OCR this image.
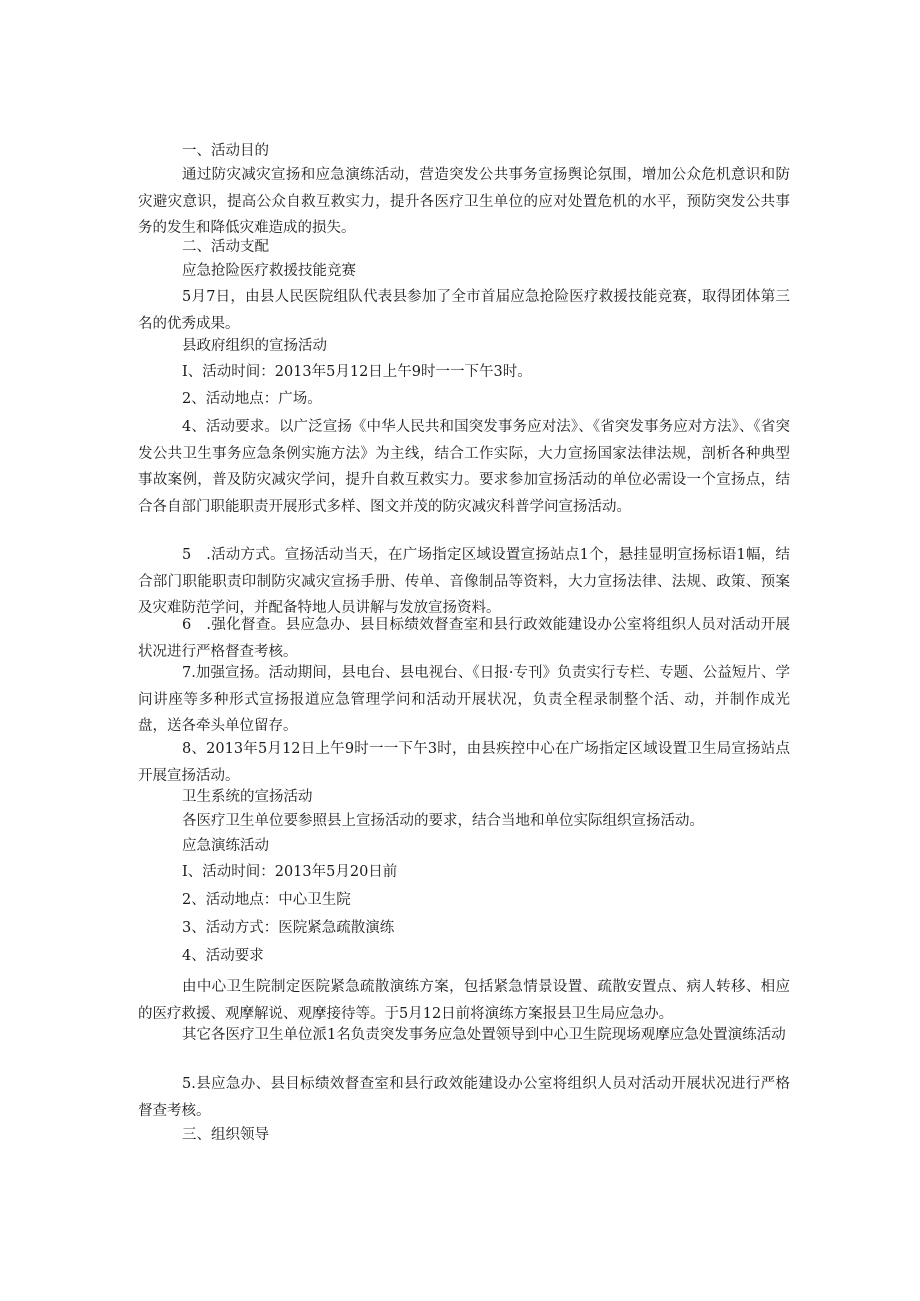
一、活动目的

通过防灾减灾宣扬和应急演练活动，营造突发公共事务宣扬舆论氛围，增加公众危机意识和防灾避灾意识，提高公众自救互救实力，提升各医疗卫生单位的应对处置危机的水平，预防突发公共事务的发生和降低灾难造成的损失。

二、活动支配

应急抢险医疗救援技能竞赛

5月7日，由县人民医院组队代表县参加了全市首届应急抢险医疗救援技能竞赛，取得团体第三名的优秀成果。

县政府组织的宣扬活动

I、活动时间：2013年5月12日上午9时一一下午3时。

2、活动地点：广场。

4、活动要求。以广泛宣扬《中华人民共和国突发事务应对法》、《省突发事务应对方法》、《省突发公共卫生事务应急条例实施方法》为主线，结合工作实际，大力宣扬国家法律法规，剖析各种典型事故案例，普及防灾减灾学问，提升自救互救实力。要求参加宣扬活动的单位必需设一个宣扬点，结合各自部门职能职责开展形式多样、图文并茂的防灾减灾科普学问宣扬活动。

5　.活动方式。宣扬活动当天，在广场指定区域设置宣扬站点1个，悬挂显明宣扬标语1幅，结合部门职能职责印制防灾减灾宣扬手册、传单、音像制品等资料，大力宣扬法律、法规、政策、预案及灾难防范学问，并配备特地人员讲解与发放宣扬资料。

6　.强化督查。县应急办、县目标绩效督查室和县行政效能建设办公室将组织人员对活动开展状况进行严格督查考核。

7.加强宣扬。活动期间，县电台、县电视台、《日报·专刊》负责实行专栏、专题、公益短片、学问讲座等多种形式宣扬报道应急管理学问和活动开展状况，负责全程录制整个活、动，并制作成光盘，送各牵头单位留存。

8、2013年5月12日上午9时一一下午3时，由县疾控中心在广场指定区域设置卫生局宣扬站点开展宣扬活动。

卫生系统的宣扬活动

各医疗卫生单位要参照县上宣扬活动的要求，结合当地和单位实际组织宣扬活动。

应急演练活动

I、活动时间：2013年5月20日前

2、活动地点：中心卫生院

3、活动方式：医院紧急疏散演练

4、活动要求

由中心卫生院制定医院紧急疏散演练方案，包括紧急情景设置、疏散安置点、病人转移、相应的医疗救援、观摩解说、观摩接待等。于5月12日前将演练方案报县卫生局应急办。

其它各医疗卫生单位派1名负责突发事务应急处置领导到中心卫生院现场观摩应急处置演练活动

5.县应急办、县目标绩效督查室和县行政效能建设办公室将组织人员对活动开展状况进行严格督查考核。

三、组织领导
